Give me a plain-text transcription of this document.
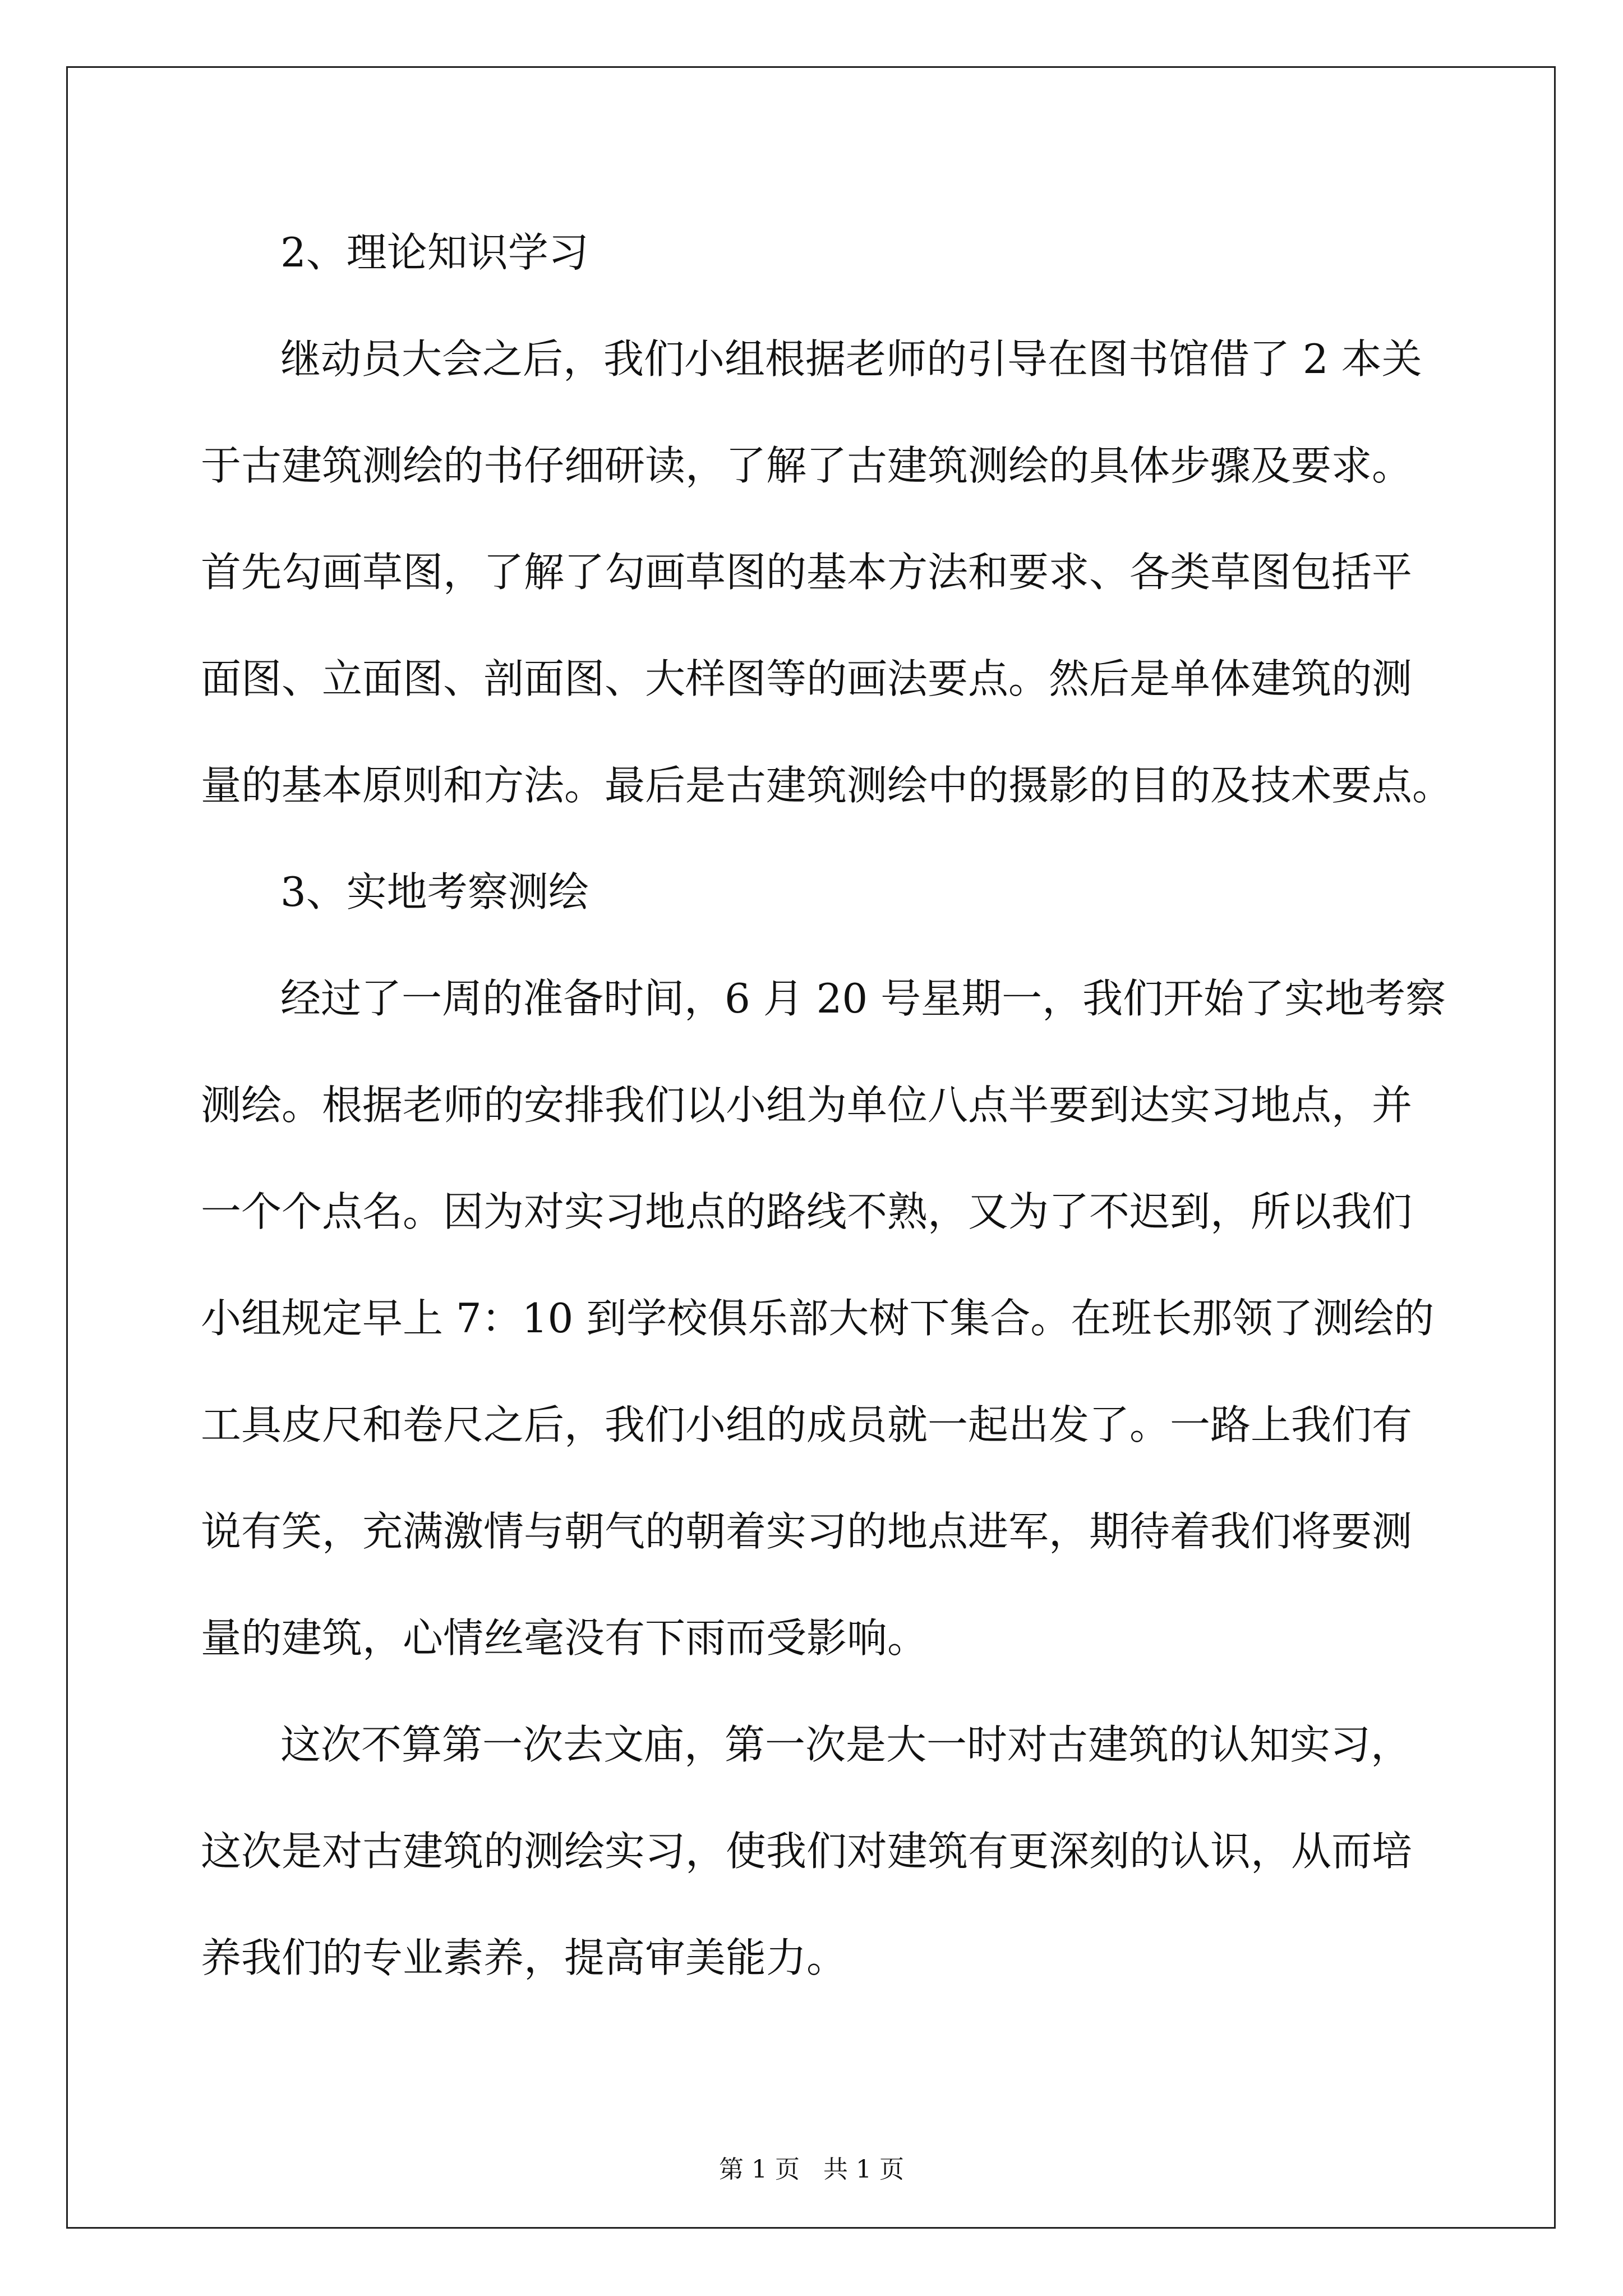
2、理论知识学习
继动员大会之后，我们小组根据老师的引导在图书馆借了 2 本关
于古建筑测绘的书仔细研读，了解了古建筑测绘的具体步骤及要求。
首先勾画草图，了解了勾画草图的基本方法和要求、各类草图包括平
面图、立面图、剖面图、大样图等的画法要点。然后是单体建筑的测
量的基本原则和方法。最后是古建筑测绘中的摄影的目的及技术要点。
3、实地考察测绘
经过了一周的准备时间，6 月 20 号星期一，我们开始了实地考察
测绘。根据老师的安排我们以小组为单位八点半要到达实习地点，并
一个个点名。因为对实习地点的路线不熟，又为了不迟到，所以我们
小组规定早上 7：10 到学校俱乐部大树下集合。在班长那领了测绘的
工具皮尺和卷尺之后，我们小组的成员就一起出发了。一路上我们有
说有笑，充满激情与朝气的朝着实习的地点进军，期待着我们将要测
量的建筑，心情丝毫没有下雨而受影响。
这次不算第一次去文庙，第一次是大一时对古建筑的认知实习，
这次是对古建筑的测绘实习，使我们对建筑有更深刻的认识，从而培
养我们的专业素养，提高审美能力。
第 1 页   共 1 页
